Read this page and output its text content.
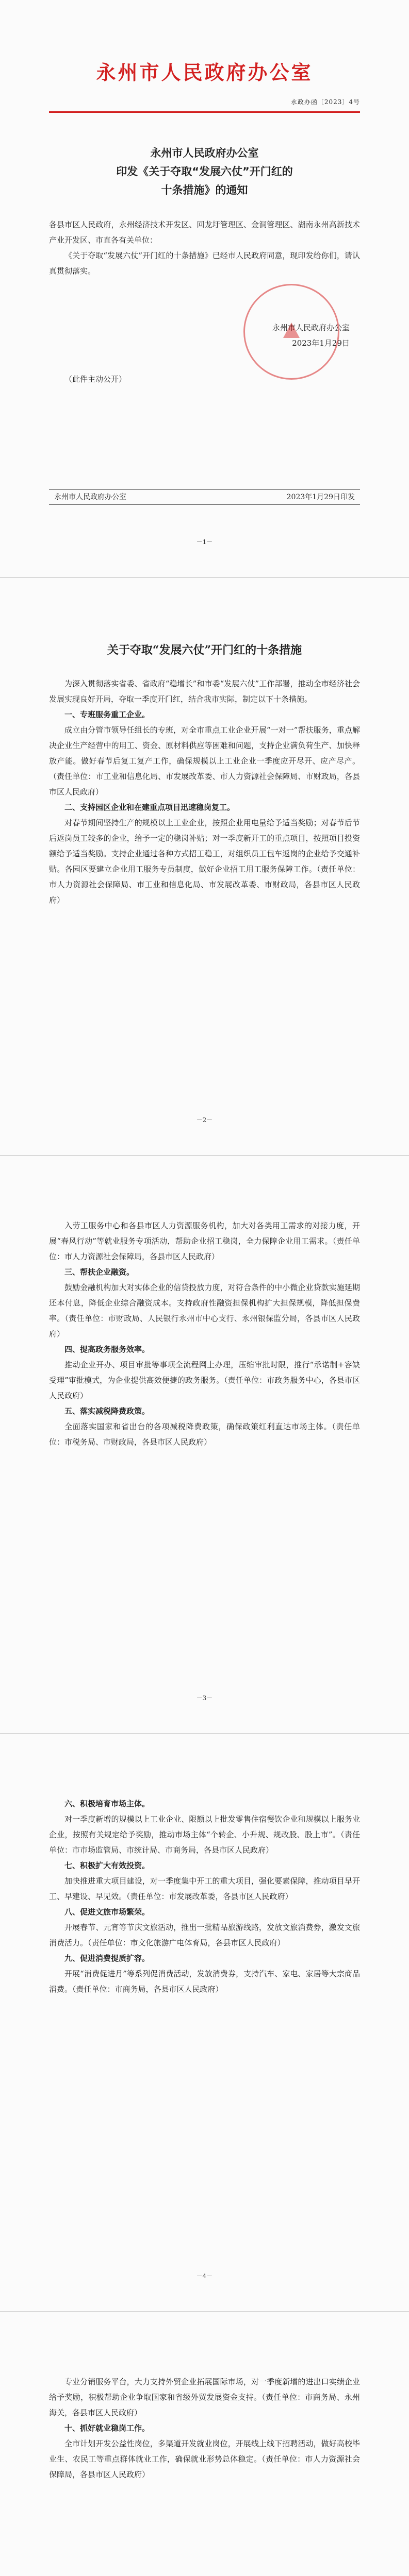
永州市人民政府办公室
永政办函〔2023〕4号
永州市人民政府办公室
印发《关于夺取“发展六仗”开门红的
十条措施》的通知

各县市区人民政府，永州经济技术开发区、回龙圩管理区、金洞管理区、湖南永州高新技术产业开发区、市直各有关单位：

《关于夺取“发展六仗”开门红的十条措施》已经市人民政府同意，现印发给你们，请认真贯彻落实。

永州市人民政府办公室
2023年1月29日
（此件主动公开）
永州市人民政府办公室	2023年1月29日印发
－1－
关于夺取“发展六仗”开门红的十条措施

为深入贯彻落实省委、省政府“稳增长”和市委“发展六仗”工作部署，推动全市经济社会发展实现良好开局，夺取一季度开门红，结合我市实际，制定以下十条措施。

一、专班服务重工企业。

成立由分管市领导任组长的专班，对全市重点工业企业开展“一对一”帮扶服务，重点解决企业生产经营中的用工、资金、原材料供应等困难和问题，支持企业满负荷生产、加快释放产能。做好春节后复工复产工作，确保规模以上工业企业一季度应开尽开、应产尽产。（责任单位：市工业和信息化局、市发展改革委、市人力资源社会保障局、市财政局，各县市区人民政府）

二、支持园区企业和在建重点项目迅速稳岗复工。

对春节期间坚持生产的规模以上工业企业，按照企业用电量给予适当奖励；对春节后节后返岗员工较多的企业，给予一定的稳岗补贴；对一季度新开工的重点项目，按照项目投资额给予适当奖励。支持企业通过各种方式招工稳工，对组织员工包车返岗的企业给予交通补贴。各园区要建立企业用工服务专员制度，做好企业招工用工服务保障工作。（责任单位：市人力资源社会保障局、市工业和信息化局、市发展改革委、市财政局，各县市区人民政府）

－2－

入劳工服务中心和各县市区人力资源服务机构，加大对各类用工需求的对接力度，开展“春风行动”等就业服务专项活动，帮助企业招工稳岗，全力保障企业用工需求。（责任单位：市人力资源社会保障局，各县市区人民政府）

三、帮扶企业融资。

鼓励金融机构加大对实体企业的信贷投放力度，对符合条件的中小微企业贷款实施延期还本付息，降低企业综合融资成本。支持政府性融资担保机构扩大担保规模，降低担保费率。（责任单位：市财政局、人民银行永州市中心支行、永州银保监分局，各县市区人民政府）

四、提高政务服务效率。

推动企业开办、项目审批等事项全流程网上办理，压缩审批时限，推行“承诺制+容缺受理”审批模式，为企业提供高效便捷的政务服务。（责任单位：市政务服务中心，各县市区人民政府）

五、落实减税降费政策。

全面落实国家和省出台的各项减税降费政策，确保政策红利直达市场主体。（责任单位：市税务局、市财政局，各县市区人民政府）

－3－

六、积极培育市场主体。

对一季度新增的规模以上工业企业、限额以上批发零售住宿餐饮企业和规模以上服务业企业，按照有关规定给予奖励，推动市场主体“个转企、小升规、规改股、股上市”。（责任单位：市市场监管局、市统计局、市商务局，各县市区人民政府）

七、积极扩大有效投资。

加快推进重大项目建设，对一季度集中开工的重大项目，强化要素保障，推动项目早开工、早建设、早见效。（责任单位：市发展改革委，各县市区人民政府）

八、促进文旅市场繁荣。

开展春节、元宵等节庆文旅活动，推出一批精品旅游线路，发放文旅消费券，激发文旅消费活力。（责任单位：市文化旅游广电体育局，各县市区人民政府）

九、促进消费提质扩容。

开展“消费促进月”等系列促消费活动，发放消费券，支持汽车、家电、家居等大宗商品消费。（责任单位：市商务局，各县市区人民政府）

－4－

专业分销服务平台，大力支持外贸企业拓展国际市场，对一季度新增的进出口实绩企业给予奖励，积极帮助企业争取国家和省级外贸发展资金支持。（责任单位：市商务局、永州海关，各县市区人民政府）

十、抓好就业稳岗工作。

全市计划开发公益性岗位，多渠道开发就业岗位，开展线上线下招聘活动，做好高校毕业生、农民工等重点群体就业工作，确保就业形势总体稳定。（责任单位：市人力资源社会保障局，各县市区人民政府）
